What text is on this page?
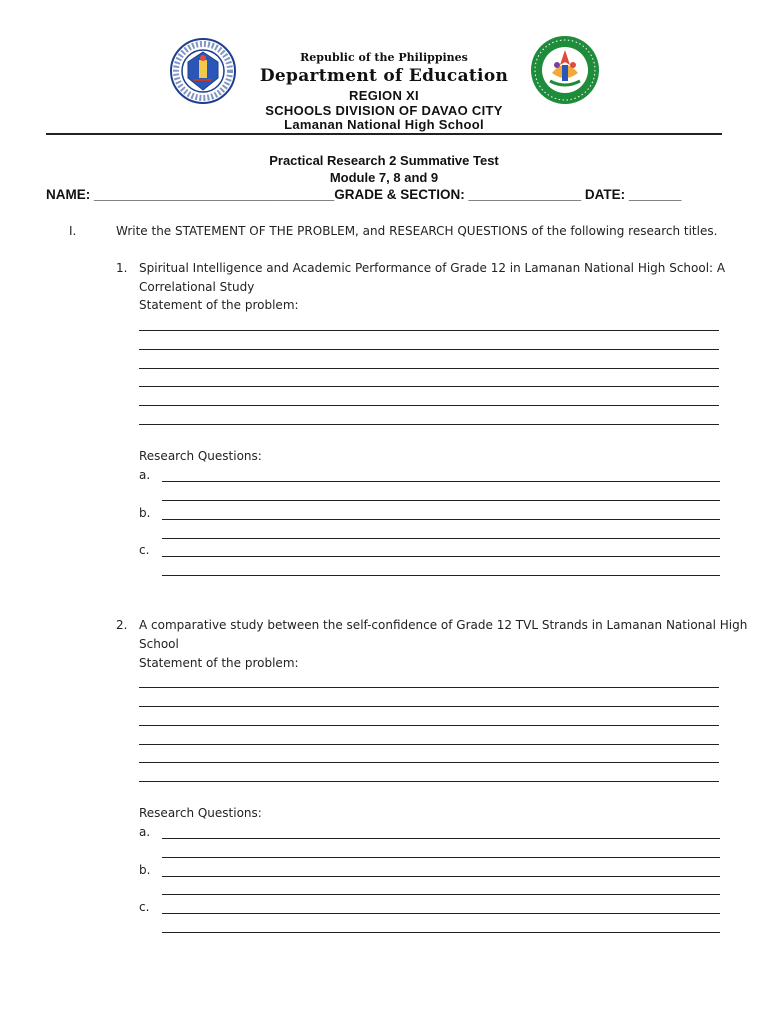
Republic of the Philippines
Department of Education
REGION XI
SCHOOLS DIVISION OF DAVAO CITY
Lamanan National High School
Practical Research 2 Summative Test
Module 7, 8 and 9
NAME: ________________________________GRADE & SECTION: _______________ DATE: _______
I.	Write the STATEMENT OF THE PROBLEM, and RESEARCH QUESTIONS of the following research titles.
1. Spiritual Intelligence and Academic Performance of Grade 12 in Lamanan National High School: A
Correlational Study
Statement of the problem:
Research Questions:
a.
b.
c.
2. A comparative study between the self-confidence of Grade 12 TVL Strands in Lamanan National High
School
Statement of the problem:
Research Questions:
a.
b.
c.
